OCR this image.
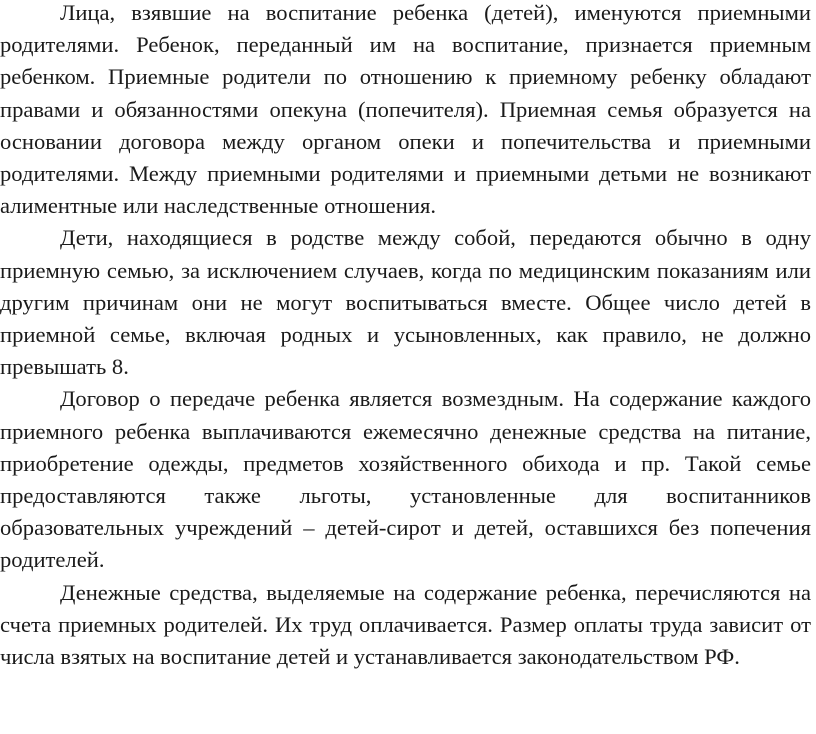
Лица, взявшие на воспитание ребенка (детей), именуются приемными родителями. Ребенок, переданный им на воспитание, признается приемным ребенком. Приемные родители по отношению к приемному ребенку обладают правами и обязанностями опекуна (попечителя). Приемная семья образуется на основании договора между органом опеки и попечительства и приемными родителями. Между приемными родителями и приемными детьми не возникают алиментные или наследственные отношения.

Дети, находящиеся в родстве между собой, передаются обычно в одну приемную семью, за исключением случаев, когда по медицинским показаниям или другим причинам они не могут воспитываться вместе. Общее число детей в приемной семье, включая родных и усыновленных, как правило, не должно превышать 8.

Договор о передаче ребенка является возмездным. На содержание каждого приемного ребенка выплачиваются ежемесячно денежные средства на питание, приобретение одежды, предметов хозяйственного обихода и пр. Такой семье предоставляются также льготы, установленные для воспитанников образовательных учреждений – детей-сирот и детей, оставшихся без попечения родителей.

Денежные средства, выделяемые на содержание ребенка, перечисляются на счета приемных родителей. Их труд оплачивается. Размер оплаты труда зависит от числа взятых на воспитание детей и устанавливается законодательством РФ.
